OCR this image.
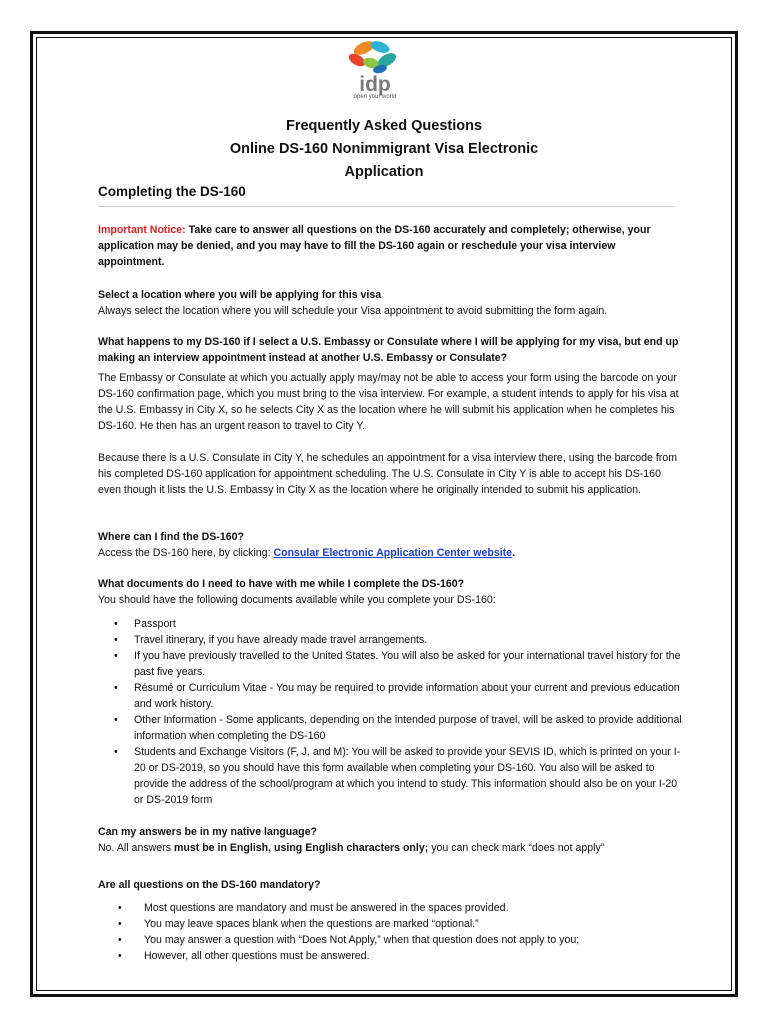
idp
open your world
Frequently Asked Questions
Online DS-160 Nonimmigrant Visa Electronic
Application
Completing the DS-160

Important Notice: Take care to answer all questions on the DS-160 accurately and completely; otherwise, your application may be denied, and you may have to fill the DS-160 again or reschedule your visa interview appointment.

Select a location where you will be applying for this visa

Always select the location where you will schedule your Visa appointment to avoid submitting the form again.

What happens to my DS-160 if I select a U.S. Embassy or Consulate where I will be applying for my visa, but end up making an interview appointment instead at another U.S. Embassy or Consulate?

The Embassy or Consulate at which you actually apply may/may not be able to access your form using the barcode on your DS-160 confirmation page, which you must bring to the visa interview. For example, a student intends to apply for his visa at the U.S. Embassy in City X, so he selects City X as the location where he will submit his application when he completes his DS-160. He then has an urgent reason to travel to City Y.

Because there is a U.S. Consulate in City Y, he schedules an appointment for a visa interview there, using the barcode from his completed DS-160 application for appointment scheduling. The U.S. Consulate in City Y is able to accept his DS-160 even though it lists the U.S. Embassy in City X as the location where he originally intended to submit his application.

Where can I find the DS-160?

Access the DS-160 here, by clicking: Consular Electronic Application Center website.

What documents do I need to have with me while I complete the DS-160?

You should have the following documents available while you complete your DS-160:

• Passport
• Travel itinerary, if you have already made travel arrangements.
• If you have previously travelled to the United States. You will also be asked for your international travel history for the past five years.
• Résumé or Curriculum Vitae - You may be required to provide information about your current and previous education and work history.
• Other Information - Some applicants, depending on the intended purpose of travel, will be asked to provide additional information when completing the DS-160
• Students and Exchange Visitors (F, J, and M): You will be asked to provide your SEVIS ID, which is printed on your I-20 or DS-2019, so you should have this form available when completing your DS-160. You also will be asked to provide the address of the school/program at which you intend to study. This information should also be on your I-20 or DS-2019 form

Can my answers be in my native language?

No. All answers must be in English, using English characters only; you can check mark “does not apply”

Are all questions on the DS-160 mandatory?

• Most questions are mandatory and must be answered in the spaces provided.
• You may leave spaces blank when the questions are marked “optional.”
• You may answer a question with “Does Not Apply,” when that question does not apply to you;
• However, all other questions must be answered.
